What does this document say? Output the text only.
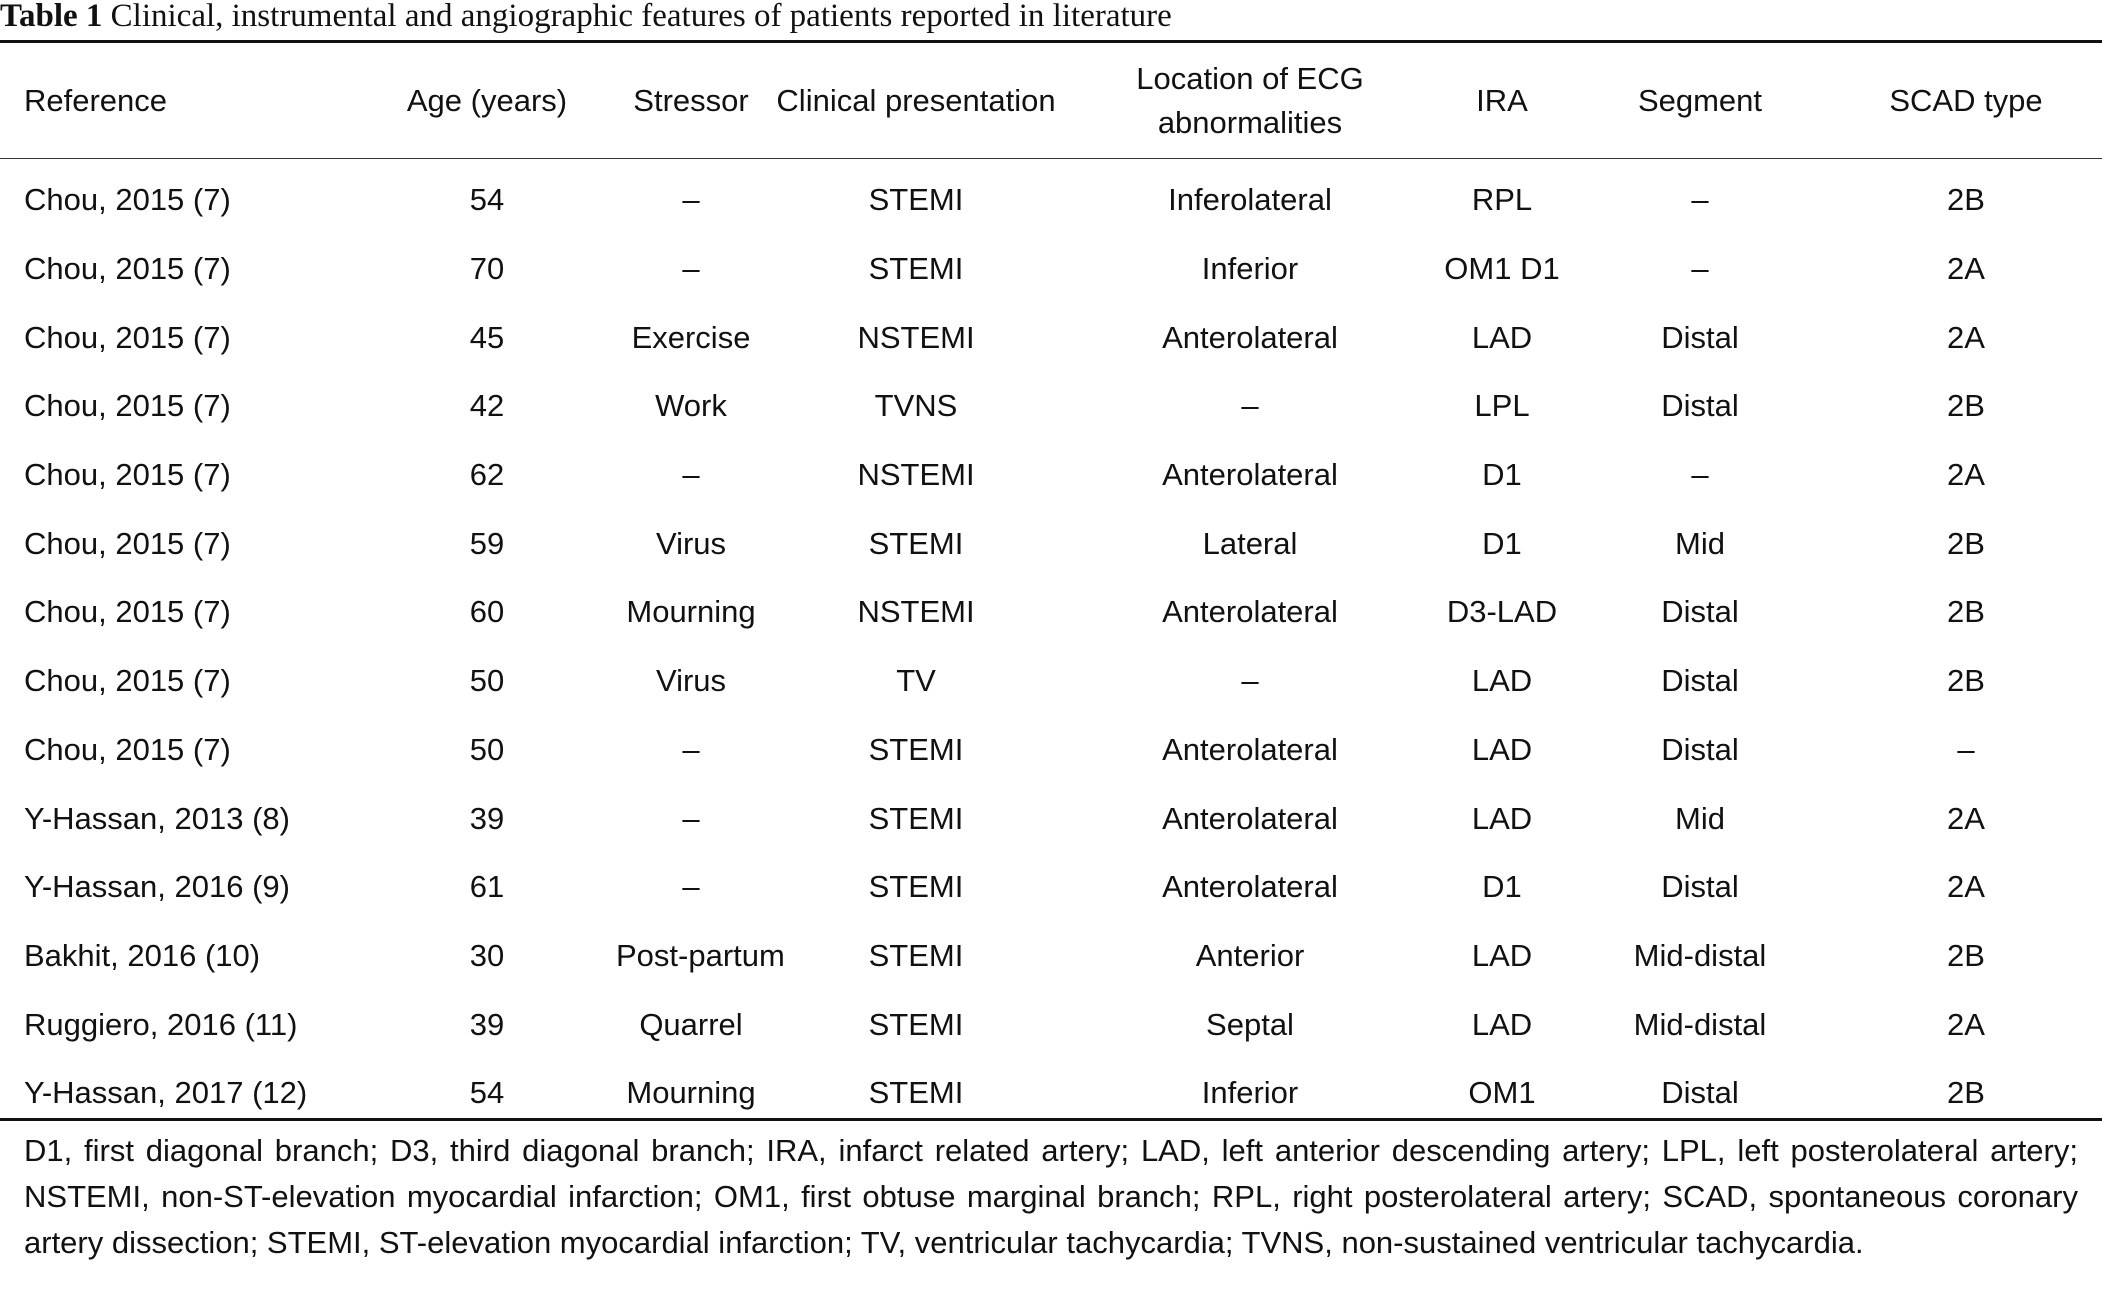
Table 1 Clinical, instrumental and angiographic features of patients reported in literature
Reference	Age (years)	Stressor	Clinical presentation	Location of ECG abnormalities	IRA	Segment	SCAD type
Chou, 2015 (7)	54	–	STEMI	Inferolateral	RPL	–	2B
Chou, 2015 (7)	70	–	STEMI	Inferior	OM1 D1	–	2A
Chou, 2015 (7)	45	Exercise	NSTEMI	Anterolateral	LAD	Distal	2A
Chou, 2015 (7)	42	Work	TVNS	–	LPL	Distal	2B
Chou, 2015 (7)	62	–	NSTEMI	Anterolateral	D1	–	2A
Chou, 2015 (7)	59	Virus	STEMI	Lateral	D1	Mid	2B
Chou, 2015 (7)	60	Mourning	NSTEMI	Anterolateral	D3-LAD	Distal	2B
Chou, 2015 (7)	50	Virus	TV	–	LAD	Distal	2B
Chou, 2015 (7)	50	–	STEMI	Anterolateral	LAD	Distal	–
Y-Hassan, 2013 (8)	39	–	STEMI	Anterolateral	LAD	Mid	2A
Y-Hassan, 2016 (9)	61	–	STEMI	Anterolateral	D1	Distal	2A
Bakhit, 2016 (10)	30	Post-partum	STEMI	Anterior	LAD	Mid-distal	2B
Ruggiero, 2016 (11)	39	Quarrel	STEMI	Septal	LAD	Mid-distal	2A
Y-Hassan, 2017 (12)	54	Mourning	STEMI	Inferior	OM1	Distal	2B
D1, first diagonal branch; D3, third diagonal branch; IRA, infarct related artery; LAD, left anterior descending artery; LPL, left posterolateral artery; NSTEMI, non-ST-elevation myocardial infarction; OM1, first obtuse marginal branch; RPL, right posterolateral artery; SCAD, spontaneous coronary artery dissection; STEMI, ST-elevation myocardial infarction; TV, ventricular tachycardia; TVNS, non-sustained ventricular tachycardia.
